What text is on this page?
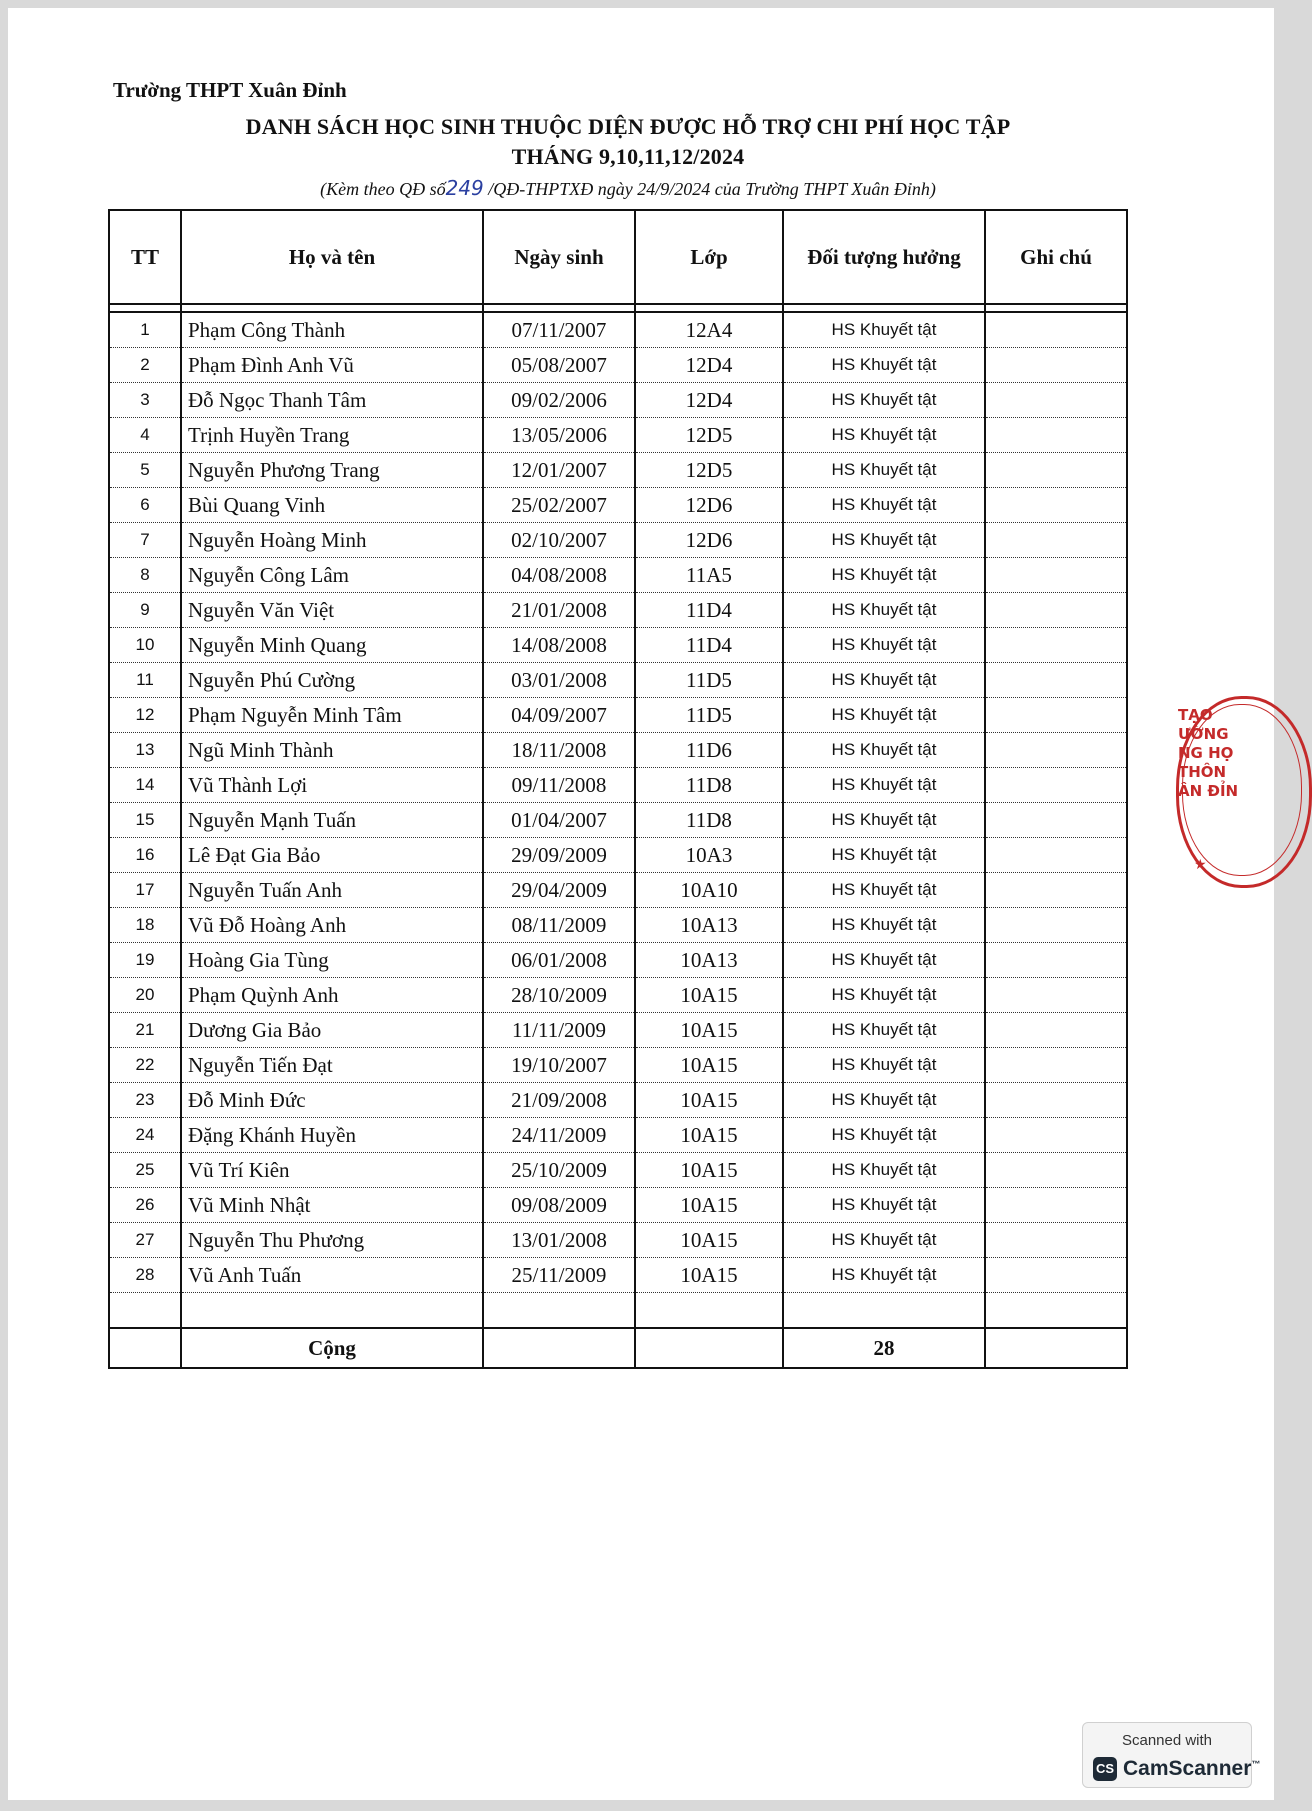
Trường THPT Xuân Đỉnh
DANH SÁCH HỌC SINH THUỘC DIỆN ĐƯỢC HỖ TRỢ CHI PHÍ HỌC TẬP
THÁNG 9,10,11,12/2024
(Kèm theo QĐ số249 /QĐ-THPTXĐ ngày 24/9/2024 của Trường THPT Xuân Đỉnh)
TT	Họ và tên	Ngày sinh	Lớp	Đối tượng hưởng	Ghi chú

1	Phạm Công Thành	07/11/2007	12A4	HS Khuyết tật	
2	Phạm Đình Anh Vũ	05/08/2007	12D4	HS Khuyết tật	
3	Đỗ Ngọc Thanh Tâm	09/02/2006	12D4	HS Khuyết tật	
4	Trịnh Huyền Trang	13/05/2006	12D5	HS Khuyết tật	
5	Nguyễn Phương Trang	12/01/2007	12D5	HS Khuyết tật	
6	Bùi Quang Vinh	25/02/2007	12D6	HS Khuyết tật	
7	Nguyễn Hoàng Minh	02/10/2007	12D6	HS Khuyết tật	
8	Nguyễn Công Lâm	04/08/2008	11A5	HS Khuyết tật	
9	Nguyễn Văn Việt	21/01/2008	11D4	HS Khuyết tật	
10	Nguyễn Minh Quang	14/08/2008	11D4	HS Khuyết tật	
11	Nguyễn Phú Cường	03/01/2008	11D5	HS Khuyết tật	
12	Phạm Nguyễn Minh Tâm	04/09/2007	11D5	HS Khuyết tật	
13	Ngũ Minh Thành	18/11/2008	11D6	HS Khuyết tật	
14	Vũ Thành Lợi	09/11/2008	11D8	HS Khuyết tật	
15	Nguyễn Mạnh Tuấn	01/04/2007	11D8	HS Khuyết tật	
16	Lê Đạt Gia Bảo	29/09/2009	10A3	HS Khuyết tật	
17	Nguyễn Tuấn Anh	29/04/2009	10A10	HS Khuyết tật	
18	Vũ Đỗ Hoàng Anh	08/11/2009	10A13	HS Khuyết tật	
19	Hoàng Gia Tùng	06/01/2008	10A13	HS Khuyết tật	
20	Phạm Quỳnh Anh	28/10/2009	10A15	HS Khuyết tật	
21	Dương Gia Bảo	11/11/2009	10A15	HS Khuyết tật	
22	Nguyễn Tiến Đạt	19/10/2007	10A15	HS Khuyết tật	
23	Đỗ Minh Đức	21/09/2008	10A15	HS Khuyết tật	
24	Đặng Khánh Huyền	24/11/2009	10A15	HS Khuyết tật	
25	Vũ Trí Kiên	25/10/2009	10A15	HS Khuyết tật	
26	Vũ Minh Nhật	09/08/2009	10A15	HS Khuyết tật	
27	Nguyễn Thu Phương	13/01/2008	10A15	HS Khuyết tật	
28	Vũ Anh Tuấn	25/11/2009	10A15	HS Khuyết tật	

	Cộng			28	
TẠO
ƯỜNG
NG HỌ
THÔN
ÂN ĐỈN
★
Scanned with
CS CamScanner™
